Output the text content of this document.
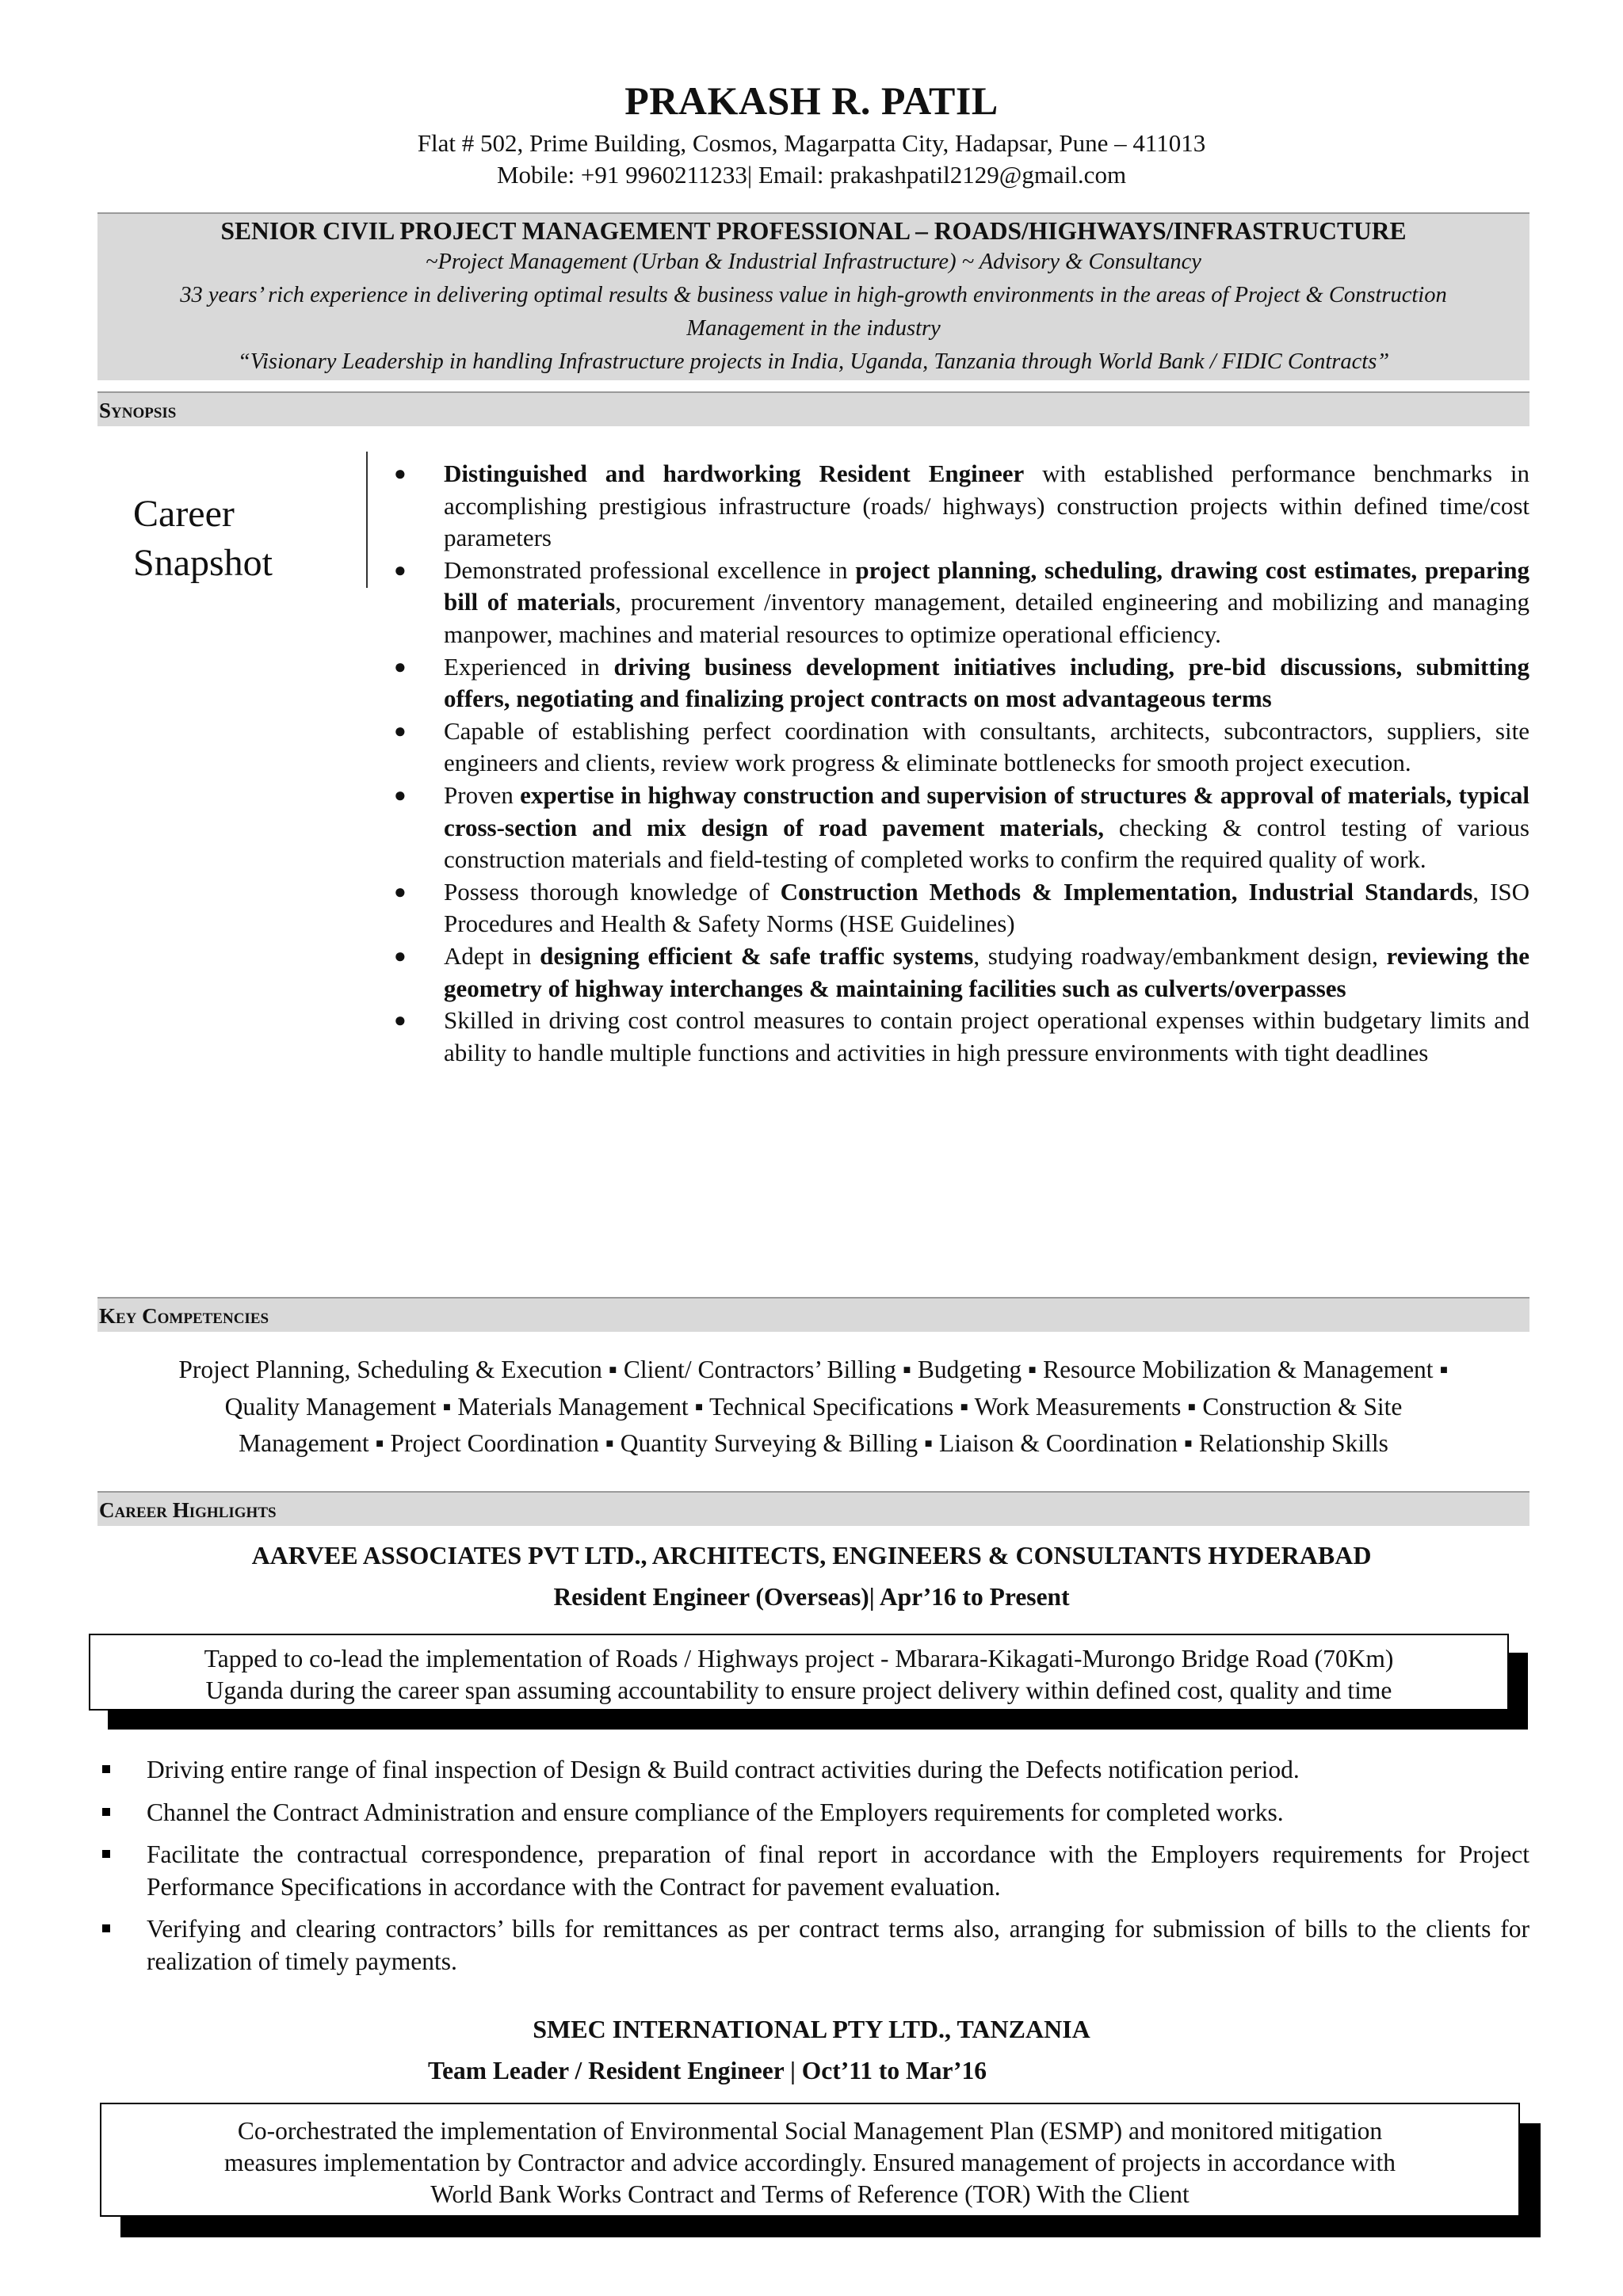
PRAKASH R. PATIL
Flat # 502, Prime Building, Cosmos, Magarpatta City, Hadapsar, Pune – 411013
Mobile: +91 9960211233| Email: prakashpatil2129@gmail.com
SENIOR CIVIL PROJECT MANAGEMENT PROFESSIONAL – ROADS/HIGHWAYS/INFRASTRUCTURE
~Project Management (Urban & Industrial Infrastructure) ~ Advisory & Consultancy
33 years’ rich experience in delivering optimal results & business value in high-growth environments in the areas of Project & Construction
Management in the industry
“Visionary Leadership in handling Infrastructure projects in India, Uganda, Tanzania through World Bank / FIDIC Contracts”
Synopsis
Career
Snapshot
● Distinguished and hardworking Resident Engineer with established performance benchmarks in accomplishing prestigious infrastructure (roads/ highways) construction projects within defined time/cost parameters
● Demonstrated professional excellence in project planning, scheduling, drawing cost estimates, preparing bill of materials, procurement /inventory management, detailed engineering and mobilizing and managing manpower, machines and material resources to optimize operational efficiency.
● Experienced in driving business development initiatives including, pre-bid discussions, submitting offers, negotiating and finalizing project contracts on most advantageous terms
● Capable of establishing perfect coordination with consultants, architects, subcontractors, suppliers, site engineers and clients, review work progress & eliminate bottlenecks for smooth project execution.
● Proven expertise in highway construction and supervision of structures & approval of materials, typical cross-section and mix design of road pavement materials, checking & control testing of various construction materials and field-testing of completed works to confirm the required quality of work.
● Possess thorough knowledge of Construction Methods & Implementation, Industrial Standards, ISO Procedures and Health & Safety Norms (HSE Guidelines)
● Adept in designing efficient & safe traffic systems, studying roadway/embankment design, reviewing the geometry of highway interchanges & maintaining facilities such as culverts/overpasses
● Skilled in driving cost control measures to contain project operational expenses within budgetary limits and ability to handle multiple functions and activities in high pressure environments with tight deadlines
Key Competencies
Project Planning, Scheduling & Execution ▪ Client/ Contractors’ Billing ▪ Budgeting ▪ Resource Mobilization & Management ▪
Quality Management ▪ Materials Management ▪ Technical Specifications ▪ Work Measurements ▪ Construction & Site
Management ▪ Project Coordination ▪ Quantity Surveying & Billing ▪ Liaison & Coordination ▪ Relationship Skills
Career Highlights
AARVEE ASSOCIATES PVT LTD., ARCHITECTS, ENGINEERS & CONSULTANTS HYDERABAD
Resident Engineer (Overseas)| Apr’16 to Present
Tapped to co-lead the implementation of Roads / Highways project - Mbarara-Kikagati-Murongo Bridge Road (70Km)
Uganda during the career span assuming accountability to ensure project delivery within defined cost, quality and time
Driving entire range of final inspection of Design & Build contract activities during the Defects notification period.
Channel the Contract Administration and ensure compliance of the Employers requirements for completed works.
Facilitate the contractual correspondence, preparation of final report in accordance with the Employers requirements for Project Performance Specifications in accordance with the Contract for pavement evaluation.
Verifying and clearing contractors’ bills for remittances as per contract terms also, arranging for submission of bills to the clients for realization of timely payments.
SMEC INTERNATIONAL PTY LTD., TANZANIA
Team Leader / Resident Engineer | Oct’11 to Mar’16
Co-orchestrated the implementation of Environmental Social Management Plan (ESMP) and monitored mitigation
measures implementation by Contractor and advice accordingly. Ensured management of projects in accordance with
World Bank Works Contract and Terms of Reference (TOR) With the Client
